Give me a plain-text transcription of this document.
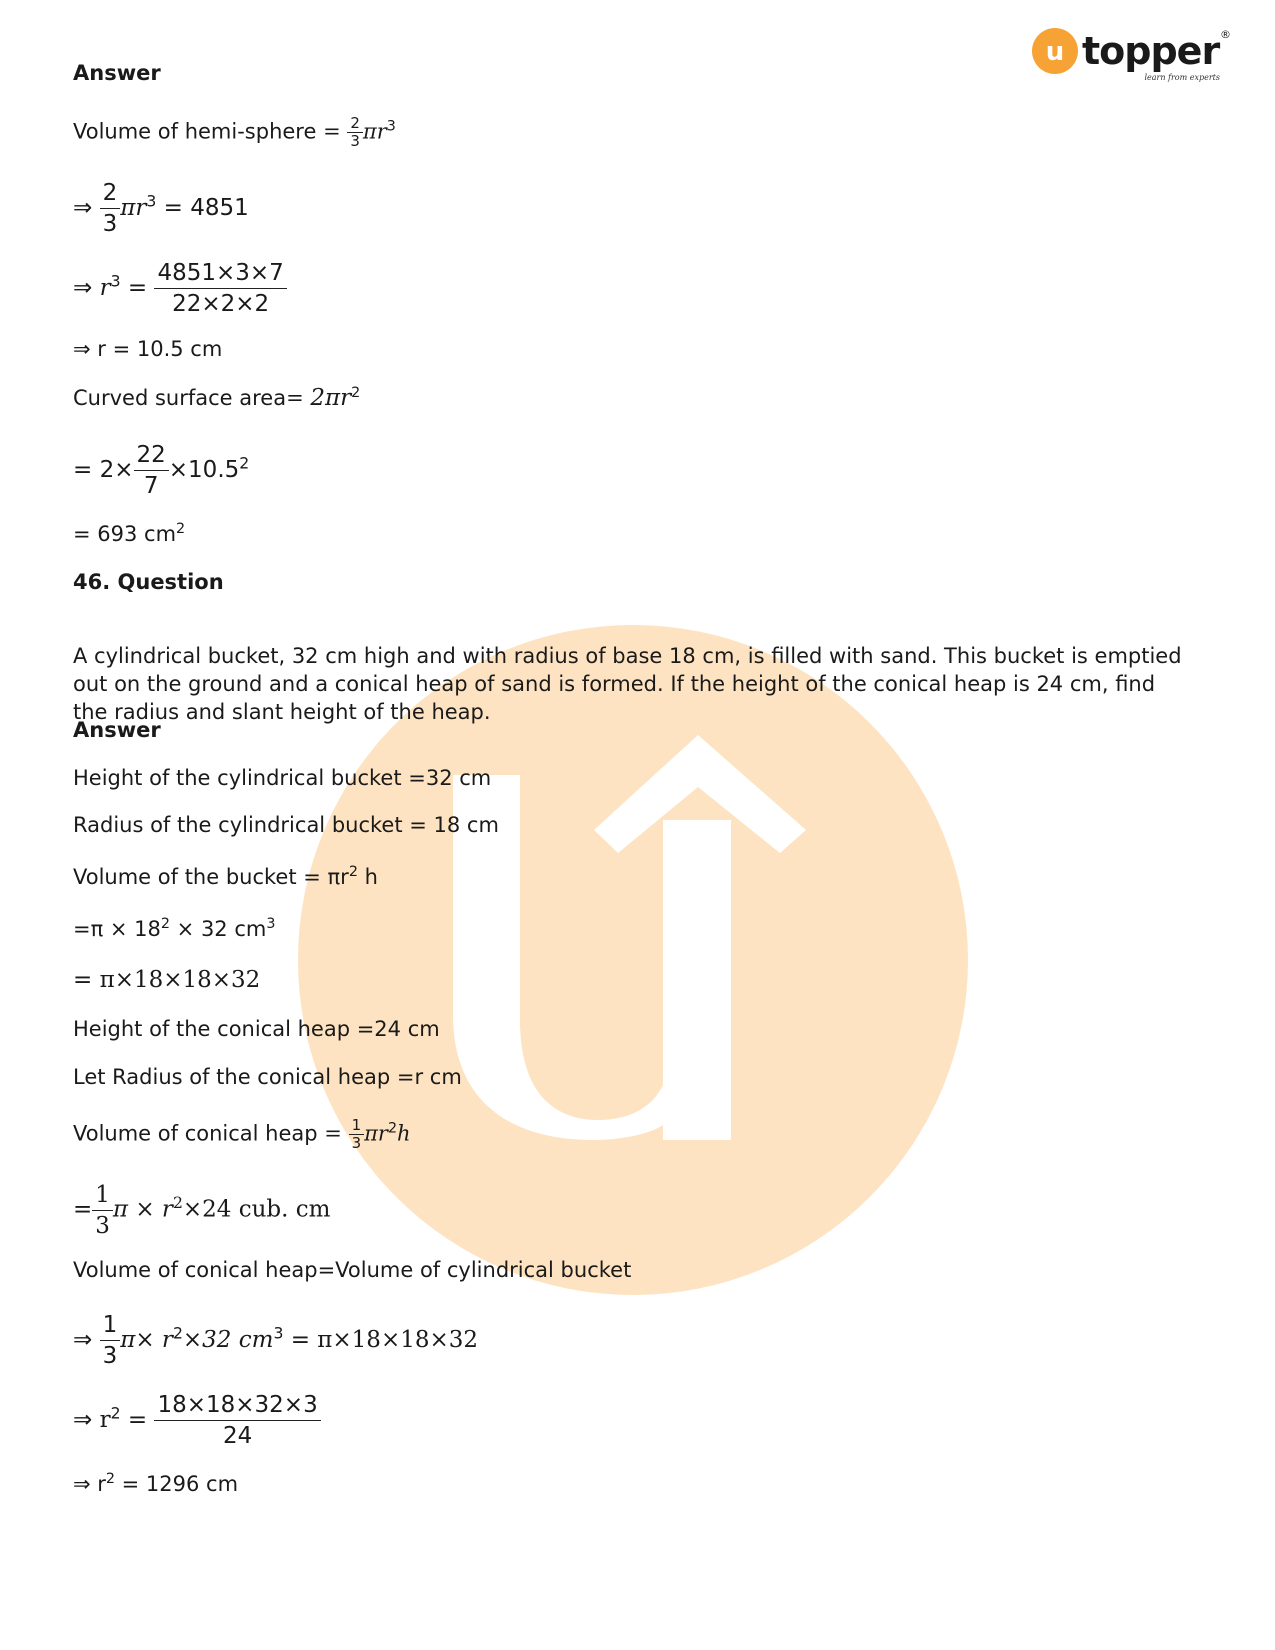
u topper ®
learn from experts
Answer
Volume of hemi-sphere = $\frac{2}{3} \pi r^3$
⇒ $\frac{2}{3} \pi r^3 = 4851$
⇒ $r^3 = \frac{4851\times 3\times 7}{22\times 2\times 2}$
⇒ r = 10.5 cm
Curved surface area= $2\pi r^2$
= $2\times \frac{22}{7} \times 10.5^2$
= 693 $cm^2$
46. Question
A cylindrical bucket, 32 cm high and with radius of base 18 cm, is filled with sand. This bucket is emptied out on the ground and a conical heap of sand is formed. If the height of the conical heap is 24 cm, find the radius and slant height of the heap.
Answer
Height of the cylindrical bucket =32 cm
Radius of the cylindrical bucket = 18 cm
Volume of the bucket = $\pi r^2$ h
$=\pi \times 18^2 \times 32$ $cm^3$
= π×18×18×32
Height of the conical heap =24 cm
Let Radius of the conical heap =r cm
Volume of conical heap = $\frac{1}{3} \pi r^2h$
= $\frac{1}{3}$ $\pi \times r^2\times 24$ cub. cm
Volume of conical heap=Volume of cylindrical bucket
⇒ $\frac{1}{3} \pi\times r^2\times 32$ $cm^3 = \pi\times 18\times 18\times 32$
⇒ $r^2 = \frac{18\times 18\times 32\times 3}{24}$
⇒ $r^2 = 1296$ cm
